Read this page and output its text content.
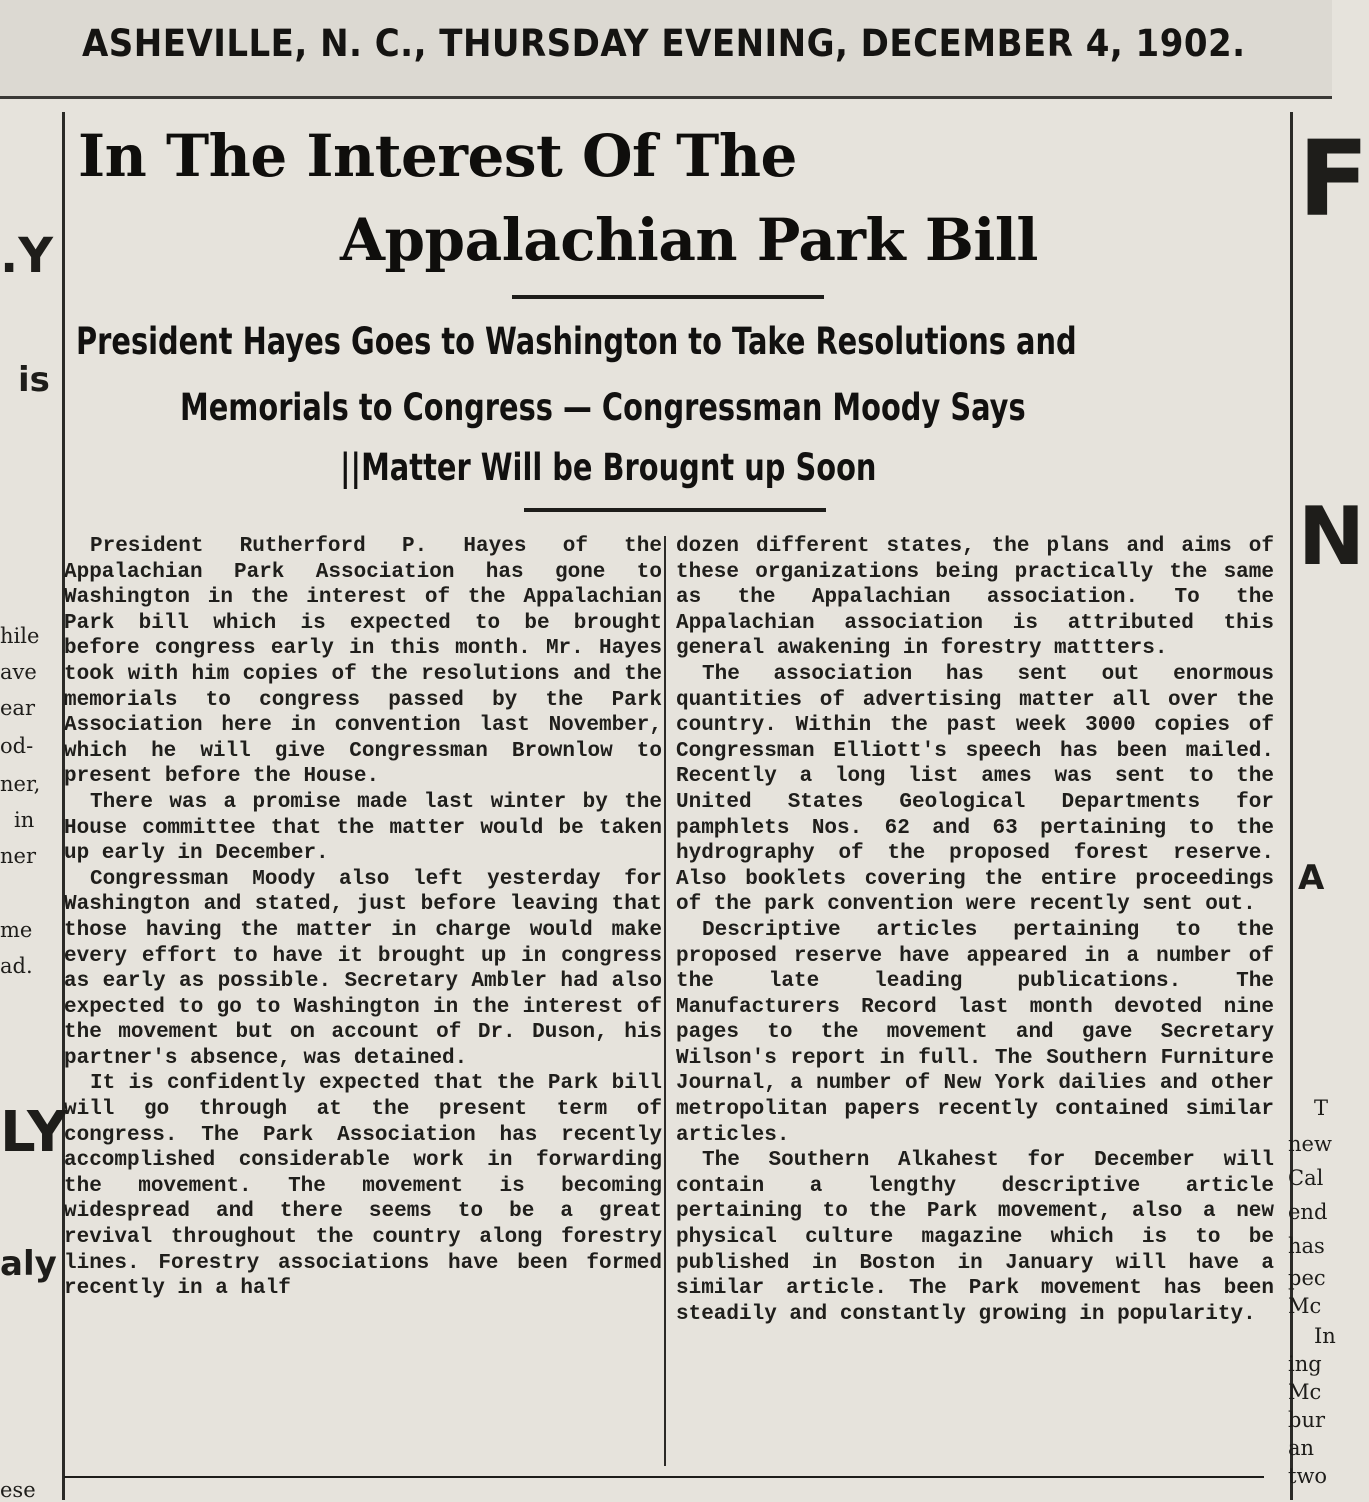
ASHEVILLE, N. C., THURSDAY EVENING, DECEMBER 4, 1902.
.Y
is
hile
ave
ear
od-
ner,
in
ner
me
ad.
LY
aly
ese
F
N
A
T
new
Cal
end
has
pec
Mc
In
ing
Mc
bur
an
two
In The Interest Of The
Appalachian Park Bill
President Hayes Goes to Washington to Take Resolutions and
Memorials to Congress — Congressman Moody Says
||Matter Will be Brougnt up Soon

President Rutherford P. Hayes of the Appalachian Park Association has gone to Washington in the interest of the Appalachian Park bill which is expected to be brought before congress early in this month. Mr. Hayes took with him copies of the resolutions and the memorials to congress passed by the Park Association here in convention last November, which he will give Congressman Brownlow to present before the House.

There was a promise made last winter by the House committee that the matter would be taken up early in December.

Congressman Moody also left yesterday for Washington and stated, just before leaving that those having the matter in charge would make every effort to have it brought up in congress as early as possible. Secretary Ambler had also expected to go to Washington in the interest of the movement but on account of Dr. Duson, his partner's absence, was detained.

It is confidently expected that the Park bill will go through at the present term of congress. The Park Association has recently accomplished considerable work in forwarding the movement. The movement is becoming widespread and there seems to be a great revival throughout the country along forestry lines. Forestry associations have been formed recently in a half

dozen different states, the plans and aims of these organizations being practically the same as the Appalachian association. To the Appalachian association is attributed this general awakening in forestry mattters.

The association has sent out enormous quantities of advertising matter all over the country. Within the past week 3000 copies of Congressman Elliott's speech has been mailed. Recently a long list ames was sent to the United States Geological Departments for pamphlets Nos. 62 and 63 pertaining to the hydrography of the proposed forest reserve. Also booklets covering the entire proceedings of the park convention were recently sent out.

Descriptive articles pertaining to the proposed reserve have appeared in a number of the late leading publications. The Manufacturers Record last month devoted nine pages to the movement and gave Secretary Wilson's report in full. The Southern Furniture Journal, a number of New York dailies and other metropolitan papers recently contained similar articles.

The Southern Alkahest for December will contain a lengthy descriptive article pertaining to the Park movement, also a new physical culture magazine which is to be published in Boston in January will have a similar article. The Park movement has been steadily and constantly growing in popularity.
